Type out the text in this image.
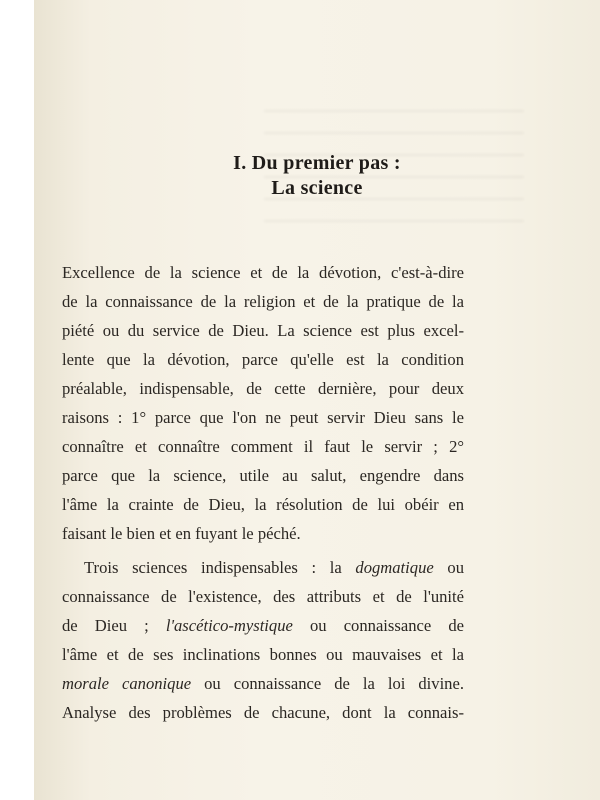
I. Du premier pas :
La science
Excellence de la science et de la dévotion, c'est-à-dire
de la connaissance de la religion et de la pratique de la
piété ou du service de Dieu. La science est plus excel-
lente que la dévotion, parce qu'elle est la condition
préalable, indispensable, de cette dernière, pour deux
raisons : 1° parce que l'on ne peut servir Dieu sans le
connaître et connaître comment il faut le servir ; 2°
parce que la science, utile au salut, engendre dans
l'âme la crainte de Dieu, la résolution de lui obéir en
faisant le bien et en fuyant le péché.
Trois sciences indispensables : la dogmatique ou
connaissance de l'existence, des attributs et de l'unité
de Dieu ; l'ascético-mystique ou connaissance de
l'âme et de ses inclinations bonnes ou mauvaises et la
morale canonique ou connaissance de la loi divine.
Analyse des problèmes de chacune, dont la connais-
